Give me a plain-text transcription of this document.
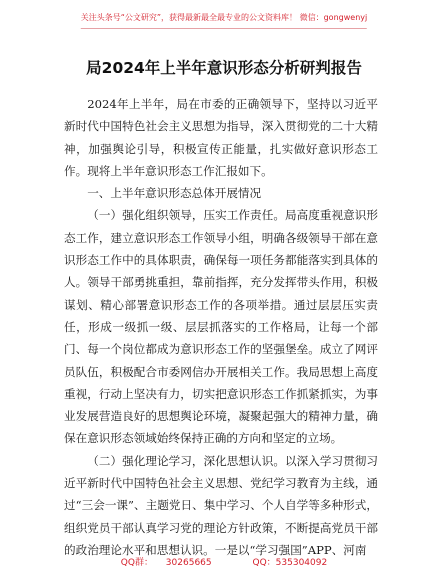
关注头条号“公文研究”，获得最新最全最专业的公文资料库！ 微信：gongwenyj
局2024年上半年意识形态分析研判报告

2024年上半年，局在市委的正确领导下，坚持以习近平新时代中国特色社会主义思想为指导，深入贯彻党的二十大精神，加强舆论引导，积极宣传正能量，扎实做好意识形态工作。现将上半年意识形态工作汇报如下。

一、上半年意识形态总体开展情况

（一）强化组织领导，压实工作责任。局高度重视意识形态工作，建立意识形态工作领导小组，明确各级领导干部在意识形态工作中的具体职责，确保每一项任务都能落实到具体的人。领导干部勇挑重担，靠前指挥，充分发挥带头作用，积极谋划、精心部署意识形态工作的各项举措。通过层层压实责任，形成一级抓一级、层层抓落实的工作格局，让每一个部门、每一个岗位都成为意识形态工作的坚强堡垒。成立了网评员队伍，积极配合市委网信办开展相关工作。我局思想上高度重视，行动上坚决有力，切实把意识形态工作抓紧抓实，为事业发展营造良好的思想舆论环境，凝聚起强大的精神力量，确保在意识形态领域始终保持正确的方向和坚定的立场。

（二）强化理论学习，深化思想认识。以深入学习贯彻习近平新时代中国特色社会主义思想、党纪学习教育为主线，通过“三会一课”、主题党日、集中学习、个人自学等多种形式，组织党员干部认真学习党的理论方针政策，不断提高党员干部的政治理论水平和思想认识。一是以“学习强国”APP、河南

QQ群： 30265665	QQ：535304092
